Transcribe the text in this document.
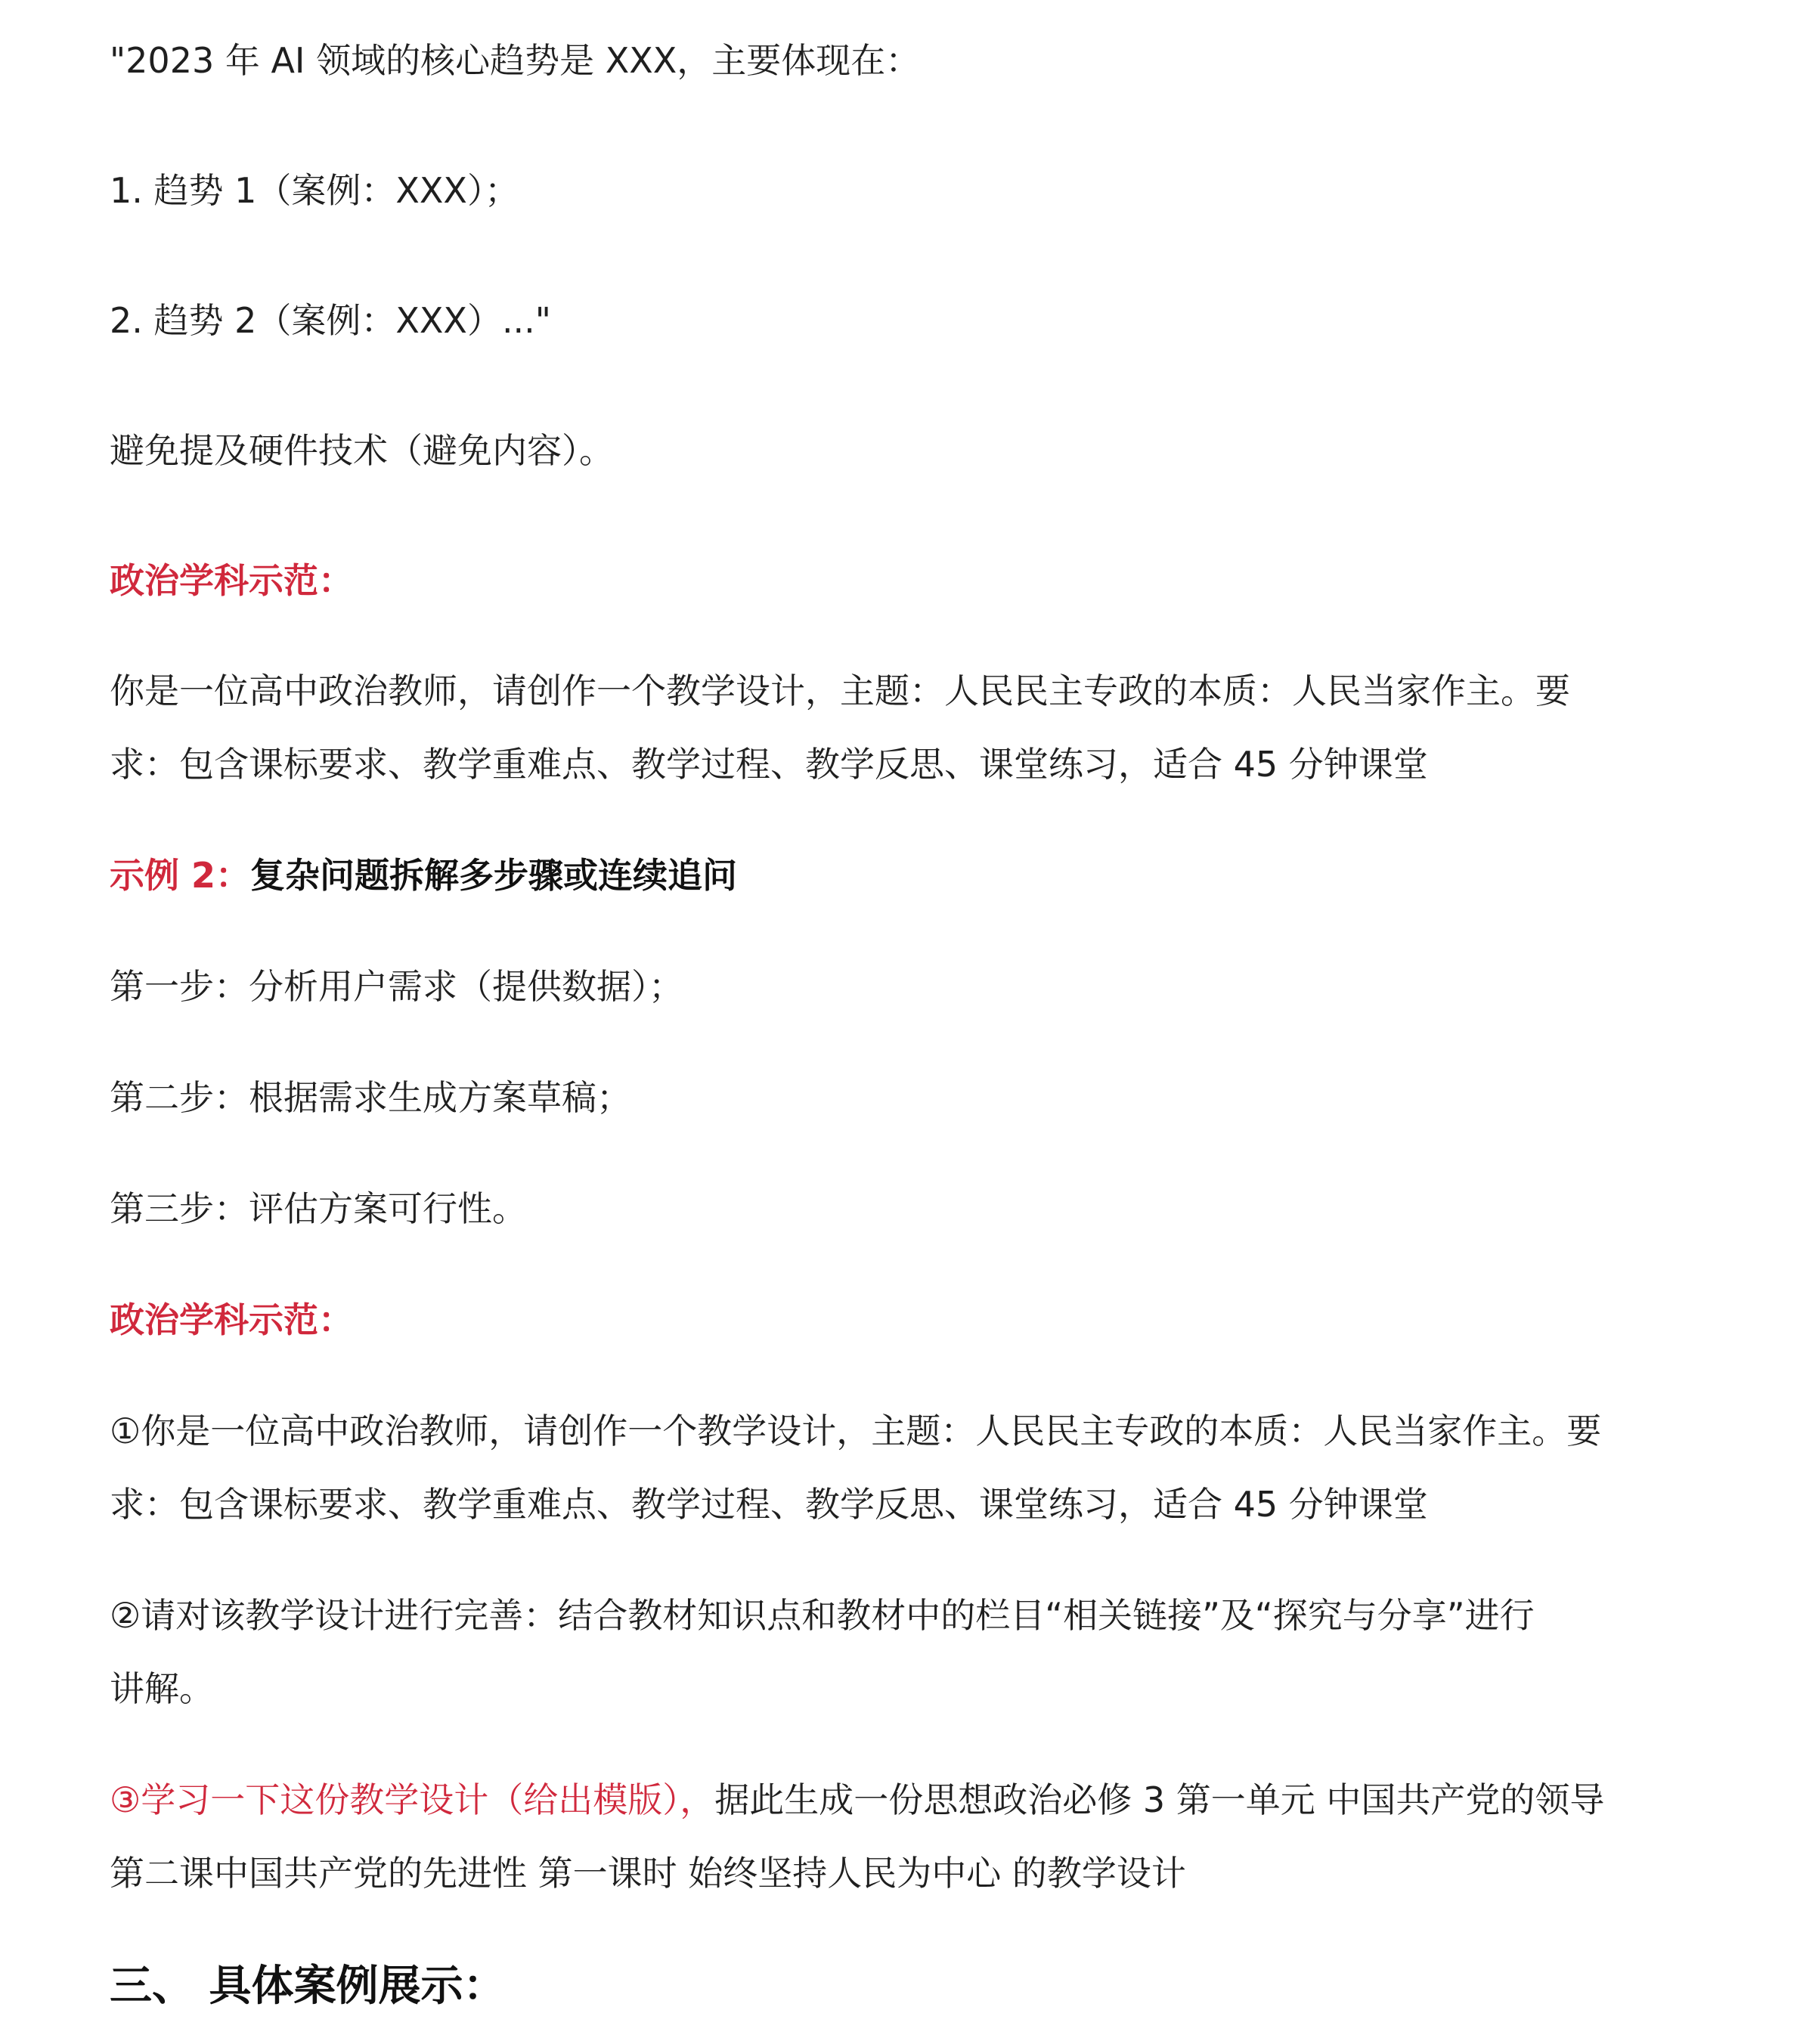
"2023 年 AI 领域的核心趋势是 XXX，主要体现在：
1. 趋势 1（案例：XXX）；
2. 趋势 2（案例：XXX）..."
避免提及硬件技术（避免内容）。
政治学科示范：
你是一位高中政治教师，请创作一个教学设计，主题：人民民主专政的本质：人民当家作主。要
求：包含课标要求、教学重难点、教学过程、教学反思、课堂练习，适合 45 分钟课堂
示例 2：复杂问题拆解多步骤或连续追问
第一步：分析用户需求（提供数据）；
第二步：根据需求生成方案草稿；
第三步：评估方案可行性。
政治学科示范：
①你是一位高中政治教师，请创作一个教学设计，主题：人民民主专政的本质：人民当家作主。要
求：包含课标要求、教学重难点、教学过程、教学反思、课堂练习，适合 45 分钟课堂
②请对该教学设计进行完善：结合教材知识点和教材中的栏目“相关链接”及“探究与分享”进行
讲解。
③学习一下这份教学设计（给出模版），据此生成一份思想政治必修 3 第一单元 中国共产党的领导
第二课中国共产党的先进性 第一课时 始终坚持人民为中心 的教学设计
三、 具体案例展示：
